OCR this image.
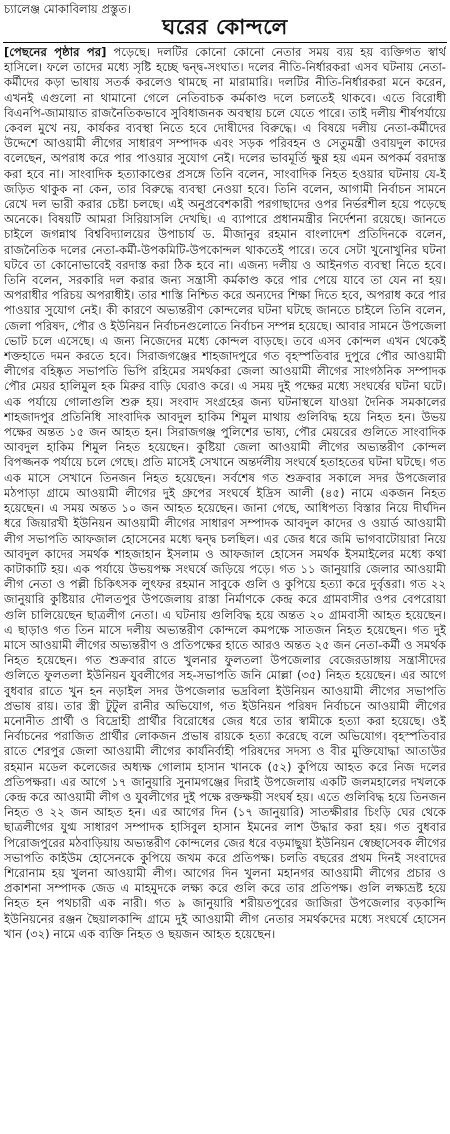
চ্যালেঞ্জ মোকাবিলায় প্রস্তুত।
ঘরের কোন্দলে

[পেছনের পৃষ্ঠার পর] পড়েছে। দলটির কোনো কোনো নেতার সময় ব্যয় হয় ব্যক্তিগত স্বার্থ হাসিলে। ফলে তাদের মধ্যে সৃষ্টি হচ্ছে দ্বন্দ্ব-সংঘাত। দলের নীতি-নির্ধারকরা এসব ঘটনায় নেতা-কর্মীদের কড়া ভাষায় সতর্ক করলেও থামছে না মারামারি। দলটির নীতি-নির্ধারকরা মনে করেন, এখনই এগুলো না থামানো গেলে নেতিবাচক কর্মকাণ্ড দলে চলতেই থাকবে। এতে বিরোধী বিএনপি-জামায়াত রাজনৈতিকভাবে সুবিধাজনক অবস্থায় চলে যেতে পারে। তাই দলীয় শীর্ষপর্যায়ে কেবল মুখে নয়, কার্যকর ব্যবস্থা নিতে হবে দোষীদের বিরুদ্ধে। এ বিষয়ে দলীয় নেতা-কর্মীদের উদ্দেশে আওয়ামী লীগের সাধারণ সম্পাদক এবং সড়ক পরিবহন ও সেতুমন্ত্রী ওবায়দুল কাদের বলেছেন, অপরাধ করে পার পাওয়ার সুযোগ নেই। দলের ভাবমূর্তি ক্ষুণ্ণ হয় এমন অপকর্ম বরদাস্ত করা হবে না। সাংবাদিক হত্যাকাণ্ডের প্রসঙ্গে তিনি বলেন, সাংবাদিক নিহত হওয়ার ঘটনায় যে-ই জড়িত থাকুক না কেন, তার বিরুদ্ধে ব্যবস্থা নেওয়া হবে। তিনি বলেন, আগামী নির্বাচন সামনে রেখে দল ভারী করার চেষ্টা চলছে। এই অনুপ্রবেশকারী পরগাছাদের ওপর নির্ভরশীল হয়ে পড়েছে অনেকে। বিষয়টি আমরা সিরিয়াসলি দেখছি। এ ব্যাপারে প্রধানমন্ত্রীর নির্দেশনা রয়েছে। জানতে চাইলে জগন্নাথ বিশ্ববিদ্যালয়ের উপাচার্য ড. মীজানুর রহমান বাংলাদেশ প্রতিদিনকে বলেন, রাজনৈতিক দলের নেতা-কর্মী-উপকমিটি-উপকোন্দল থাকতেই পারে। তবে সেটা খুনোখুনির ঘটনা ঘটবে তা কোনোভাবেই বরদাস্ত করা ঠিক হবে না। এজন্য দলীয় ও আইনগত ব্যবস্থা নিতে হবে। তিনি বলেন, সরকারি দল করার জন্য সন্ত্রাসী কর্মকাণ্ড করে পার পেয়ে যাবে তা যেন না হয়। অপরাধীর পরিচয় অপরাধীই। তার শাস্তি নিশ্চিত করে অন্যদের শিক্ষা দিতে হবে, অপরাধ করে পার পাওয়ার সুযোগ নেই। কী কারণে অভ্যন্তরীণ কোন্দলের ঘটনা ঘটছে জানতে চাইলে তিনি বলেন, জেলা পরিষদ, পৌর ও ইউনিয়ন নির্বাচনগুলোতে নির্বাচন সম্পন্ন হয়েছে। আবার সামনে উপজেলা ভোট চলে এসেছে। এ জন্য নিজেদের মধ্যে কোন্দল বাড়ছে। তবে এসব কোন্দল এখন থেকেই শক্তহাতে দমন করতে হবে। সিরাজগঞ্জের শাহজাদপুরে গত বৃহস্পতিবার দুপুরে পৌর আওয়ামী লীগের বহিষ্কৃত সভাপতি ভিপি রহিমের সমর্থকরা জেলা আওয়ামী লীগের সাংগঠনিক সম্পাদক পৌর মেয়র হালিমুল হক মিরুর বাড়ি ঘেরাও করে। এ সময় দুই পক্ষের মধ্যে সংঘর্ষের ঘটনা ঘটে। এক পর্যায়ে গোলাগুলি শুরু হয়। সংবাদ সংগ্রহের জন্য ঘটনাস্থলে যাওয়া দৈনিক সমকালের শাহজাদপুর প্রতিনিধি সাংবাদিক আবদুল হাকিম শিমুল মাথায় গুলিবিদ্ধ হয়ে নিহত হন। উভয় পক্ষের অন্তত ১৫ জন আহত হন। সিরাজগঞ্জ পুলিশের ভাষ্য, পৌর মেয়রের গুলিতে সাংবাদিক আবদুল হাকিম শিমুল নিহত হয়েছেন। কুষ্টিয়া জেলা আওয়ামী লীগের অভ্যন্তরীণ কোন্দল বিপজ্জনক পর্যায়ে চলে গেছে। প্রতি মাসেই সেখানে অন্তর্দলীয় সংঘর্ষে হতাহতের ঘটনা ঘটছে। গত এক মাসে সেখানে তিনজন নিহত হয়েছেন। সর্বশেষ গত শুক্রবার সকালে সদর উপজেলার মঠপাড়া গ্রামে আওয়ামী লীগের দুই গ্রুপের সংঘর্ষে ইদ্রিস আলী (৪৫) নামে একজন নিহত হয়েছেন। এ সময় অন্তত ১০ জন আহত হয়েছেন। জানা গেছে, আধিপত্য বিস্তার নিয়ে দীর্ঘদিন ধরে জিয়ারখী ইউনিয়ন আওয়ামী লীগের সাধারণ সম্পাদক আবদুল কাদের ও ওয়ার্ড আওয়ামী লীগ সভাপতি আফজাল হোসেনের মধ্যে দ্বন্দ্ব চলছিল। এর জের ধরে জমি ভাগবাটোয়ারা নিয়ে আবদুল কাদের সমর্থক শাহজাহান ইসলাম ও আফজাল হোসেন সমর্থক ইসমাইলের মধ্যে কথা কাটাকাটি হয়। এক পর্যায়ে উভয়পক্ষ সংঘর্ষে জড়িয়ে পড়ে। গত ১১ জানুয়ারি জেলার আওয়ামী লীগ নেতা ও পল্লী চিকিৎসক লুৎফর রহমান সাবুকে গুলি ও কুপিয়ে হত্যা করে দুর্বৃত্তরা। গত ২২ জানুয়ারি কুষ্টিয়ার দৌলতপুর উপজেলায় রাস্তা নির্মাণকে কেন্দ্র করে গ্রামবাসীর ওপর বেপরোয়া গুলি চালিয়েছেন ছাত্রলীগ নেতা। এ ঘটনায় গুলিবিদ্ধ হয়ে অন্তত ২০ গ্রামবাসী আহত হয়েছেন। এ ছাড়াও গত তিন মাসে দলীয় অভ্যন্তরীণ কোন্দলে কমপক্ষে সাতজন নিহত হয়েছেন। গত দুই মাসে আওয়ামী লীগের অভ্যন্তরীণ ও প্রতিপক্ষের হাতে আরও অন্তত ২৫ জন নেতা-কর্মী ও সমর্থক নিহত হয়েছেন। গত শুক্রবার রাতে খুলনার ফুলতলা উপজেলার বেজেরডাঙ্গায় সন্ত্রাসীদের গুলিতে ফুলতলা ইউনিয়ন যুবলীগের সহ-সভাপতি জনি মোল্লা (৩৫) নিহত হয়েছেন। এর আগে বুধবার রাতে খুন হন নড়াইল সদর উপজেলার ভদ্রবিলা ইউনিয়ন আওয়ামী লীগের সভাপতি প্রভাষ রায়। তার স্ত্রী টুটুল রানীর অভিযোগ, গত ইউনিয়ন পরিষদ নির্বাচনে আওয়ামী লীগের মনোনীত প্রার্থী ও বিদ্রোহী প্রার্থীর বিরোধের জের ধরে তার স্বামীকে হত্যা করা হয়েছে। ওই নির্বাচনের পরাজিত প্রার্থীর লোকজন প্রভাষ রায়কে হত্যা করেছে বলে অভিযোগ। বৃহস্পতিবার রাতে শেরপুর জেলা আওয়ামী লীগের কার্যনির্বাহী পরিষদের সদস্য ও বীর মুক্তিযোদ্ধা আতাউর রহমান মডেল কলেজের অধ্যক্ষ গোলাম হাসান খানকে (৫২) কুপিয়ে আহত করে নিজ দলের প্রতিপক্ষরা। এর আগে ১৭ জানুয়ারি সুনামগঞ্জের দিরাই উপজেলায় একটি জলমহালের দখলকে কেন্দ্র করে আওয়ামী লীগ ও যুবলীগের দুই পক্ষে রক্তক্ষয়ী সংঘর্ষ হয়। এতে গুলিবিদ্ধ হয়ে তিনজন নিহত ও ২২ জন আহত হন। এর আগের দিন (১৭ জানুয়ারি) সাতক্ষীরার চিংড়ি ঘের থেকে ছাত্রলীগের যুগ্ম সাধারণ সম্পাদক হাসিবুল হাসান ইমনের লাশ উদ্ধার করা হয়। গত বুধবার পিরোজপুরের মঠবাড়িয়ায় অভ্যন্তরীণ কোন্দলের জের ধরে বড়মাছুয়া ইউনিয়ন স্বেচ্ছাসেবক লীগের সভাপতি কাইউম হোসেনকে কুপিয়ে জখম করে প্রতিপক্ষ। চলতি বছরের প্রথম দিনই সংবাদের শিরোনাম হয় খুলনা আওয়ামী লীগ। আগের দিন খুলনা মহানগর আওয়ামী লীগের প্রচার ও প্রকাশনা সম্পাদক জেড এ মাহমুদকে লক্ষ্য করে গুলি করে তার প্রতিপক্ষ। গুলি লক্ষ্যভ্রষ্ট হয়ে নিহত হন পথচারী এক নারী। গত ৯ জানুয়ারি শরীয়তপুরের জাজিরা উপজেলার বড়কান্দি ইউনিয়নের রঞ্জন ছৈয়ালকান্দি গ্রামে দুই আওয়ামী লীগ নেতার সমর্থকদের মধ্যে সংঘর্ষে হোসেন খান (৩২) নামে এক ব্যক্তি নিহত ও ছয়জন আহত হয়েছেন।
